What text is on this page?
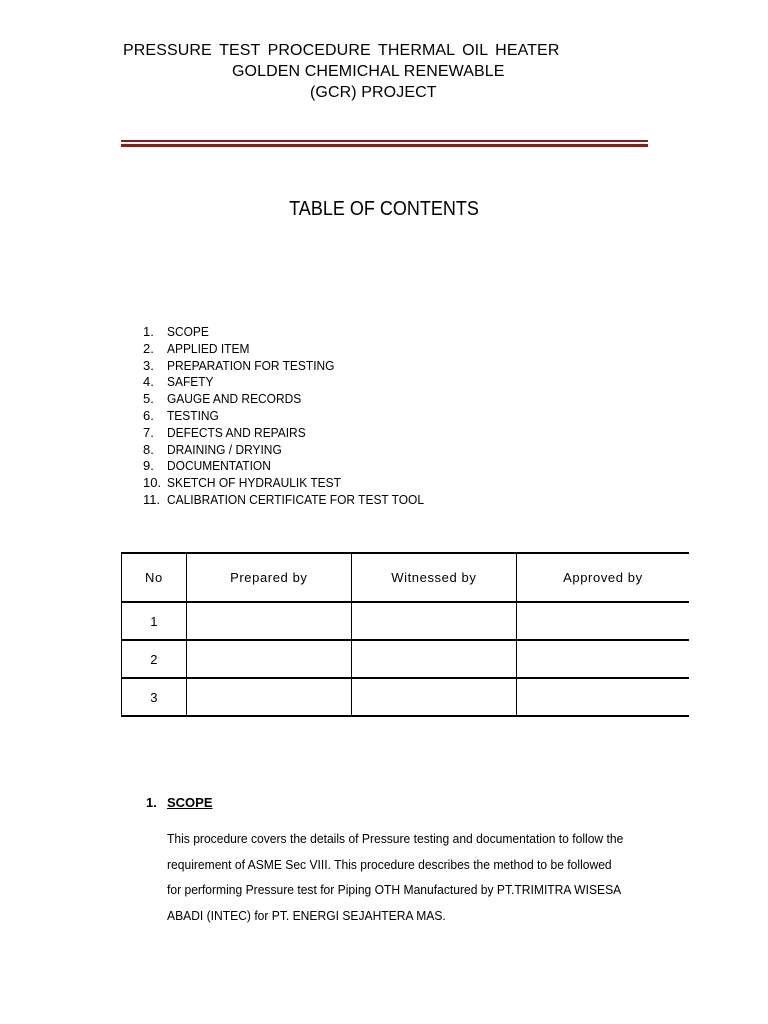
PRESSURE TEST PROCEDURE THERMAL OIL HEATER
GOLDEN CHEMICHAL RENEWABLE
(GCR) PROJECT
TABLE OF CONTENTS
1.	SCOPE
2.	APPLIED ITEM
3.	PREPARATION FOR TESTING
4.	SAFETY
5.	GAUGE AND RECORDS
6.	TESTING
7.	DEFECTS AND REPAIRS
8.	DRAINING / DRYING
9.	DOCUMENTATION
10. SKETCH OF HYDRAULIK TEST
11. CALIBRATION CERTIFICATE FOR TEST TOOL
No	Prepared by	Witnessed by	Approved by
1			
2			
3			
1. SCOPE
This procedure covers the details of Pressure testing and documentation to follow the
requirement of ASME Sec VIII. This procedure describes the method to be followed
for performing Pressure test for Piping OTH Manufactured by PT.TRIMITRA WISESA
ABADI (INTEC) for PT. ENERGI SEJAHTERA MAS.
